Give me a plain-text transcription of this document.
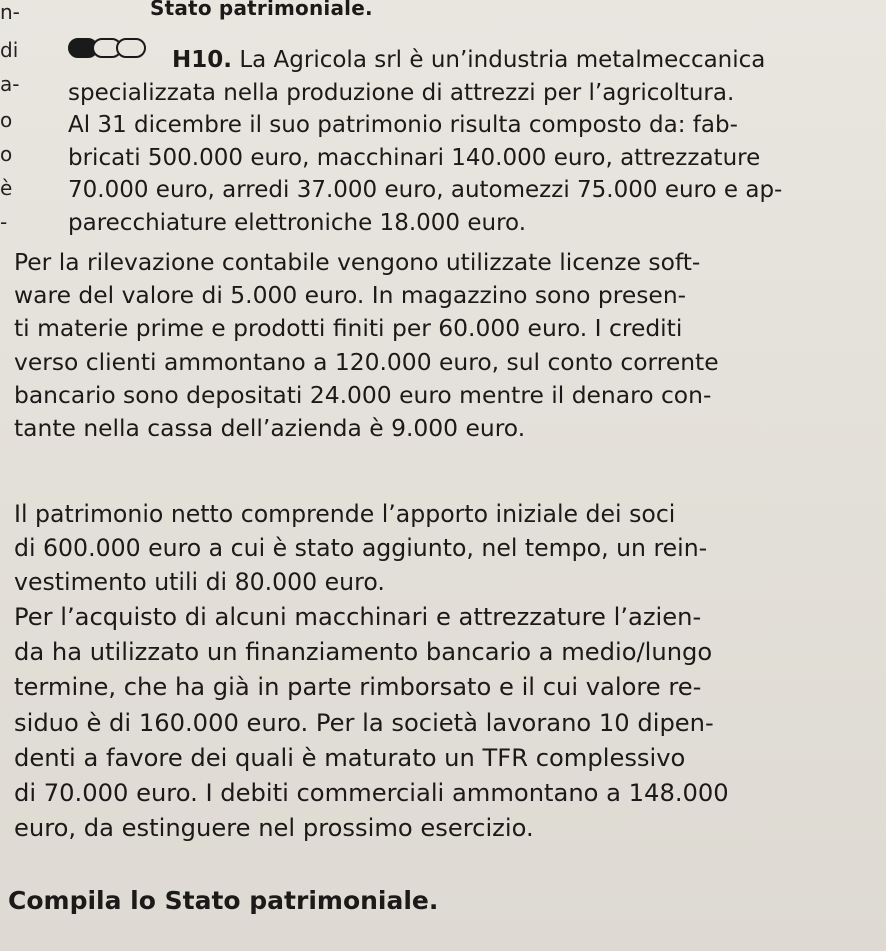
Stato patrimoniale.
n-
di
a-
o
o
è
-
H10. La Agricola srl è un’industria metalmeccanica
specializzata nella produzione di attrezzi per l’agricoltura.
Al 31 dicembre il suo patrimonio risulta composto da: fab-
bricati 500.000 euro, macchinari 140.000 euro, attrezzature
70.000 euro, arredi 37.000 euro, automezzi 75.000 euro e ap-
parecchiature elettroniche 18.000 euro.
Per la rilevazione contabile vengono utilizzate licenze soft-
ware del valore di 5.000 euro. In magazzino sono presen-
ti materie prime e prodotti finiti per 60.000 euro. I crediti
verso clienti ammontano a 120.000 euro, sul conto corrente
bancario sono depositati 24.000 euro mentre il denaro con-
tante nella cassa dell’azienda è 9.000 euro.
Il patrimonio netto comprende l’apporto iniziale dei soci
di 600.000 euro a cui è stato aggiunto, nel tempo, un rein-
vestimento utili di 80.000 euro.
Per l’acquisto di alcuni macchinari e attrezzature l’azien-
da ha utilizzato un finanziamento bancario a medio/lungo
termine, che ha già in parte rimborsato e il cui valore re-
siduo è di 160.000 euro. Per la società lavorano 10 dipen-
denti a favore dei quali è maturato un TFR complessivo
di 70.000 euro. I debiti commerciali ammontano a 148.000
euro, da estinguere nel prossimo esercizio.
Compila lo Stato patrimoniale.
